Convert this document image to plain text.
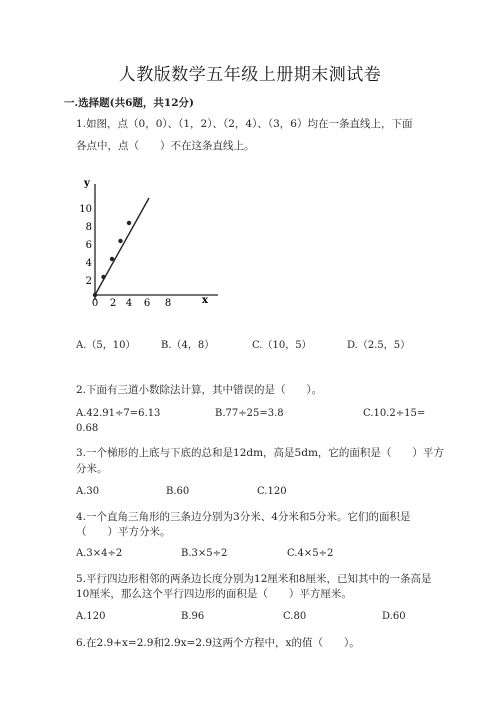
人教版数学五年级上册期末测试卷
一.选择题(共6题，共12分)
1.如图，点（0，0）、（1，2）、（2，4）、（3，6）均在一条直线上，下面
各点中，点（　　）不在这条直线上。
y
x
10
8
6
4
2
0 2 4 6 8
A.（5，10）	B.（4，8）	C.（10，5）	D.（2.5，5）
2.下面有三道小数除法计算，其中错误的是（　　）。
A.42.91÷7=6.13	B.77÷25=3.8	C.10.2÷15=
0.68
3.一个梯形的上底与下底的总和是12dm，高是5dm，它的面积是（　　）平方
分米。
A.30	B.60	C.120
4.一个直角三角形的三条边分别为3分米、4分米和5分米。它们的面积是
（　　）平方分米。
A.3×4÷2	B.3×5÷2	C.4×5÷2
5.平行四边形相邻的两条边长度分别为12厘米和8厘米，已知其中的一条高是
10厘米，那么这个平行四边形的面积是（　　）平方厘米。
A.120	B.96	C.80	D.60
6.在2.9+x=2.9和2.9x=2.9这两个方程中，x的值（　　）。
